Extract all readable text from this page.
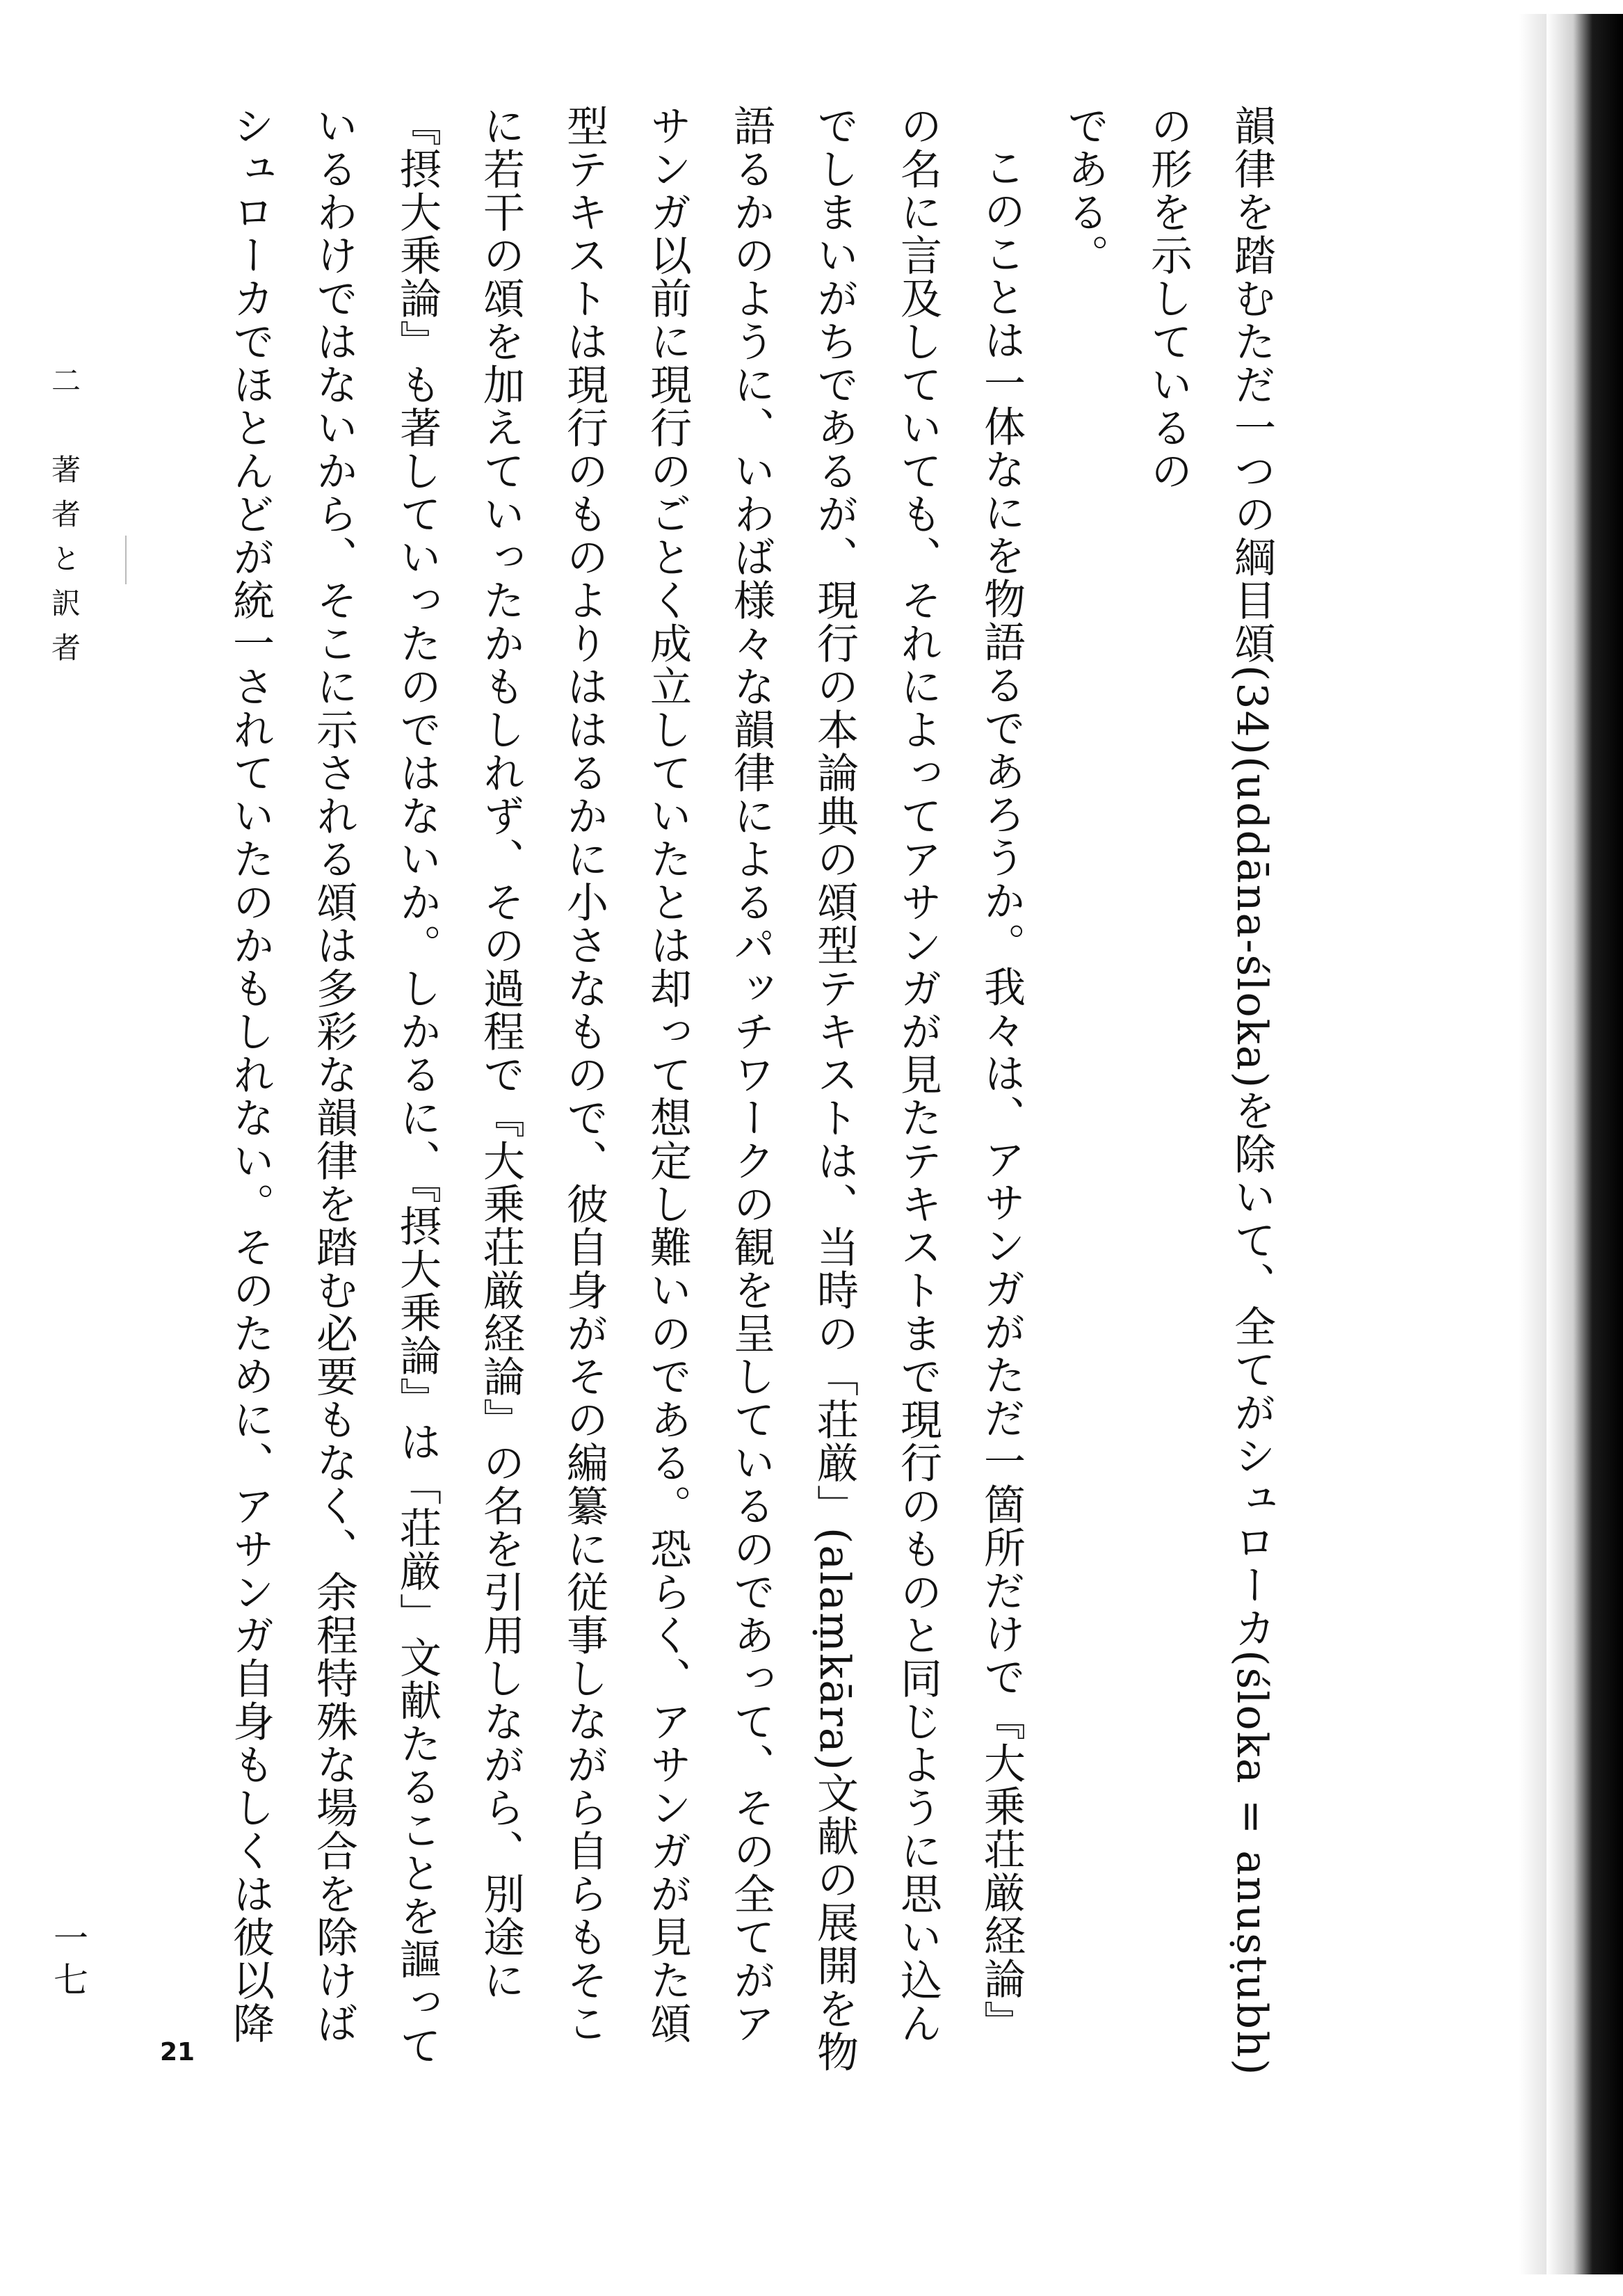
韻律を踏むただ一つの綱目頌(34)(uddāna-śloka)を除いて、全てがシュローカ(śloka = anuṣṭubh)の形を示しているの

である。

このことは一体なにを物語るであろうか。我々は、アサンガがただ一箇所だけで『大乗荘厳経論』の名に言及していても、それによってアサンガが見たテキストまで現行のものと同じように思い込んでしまいがちであるが、現行の本論典の頌型テキストは、当時の「荘厳」(alaṃkāra)文献の展開を物語るかのように、いわば様々な韻律によるパッチワークの観を呈しているのであって、その全てがアサンガ以前に現行のごとく成立していたとは却って想定し難いのである。恐らく、アサンガが見た頌型テキストは現行のものよりははるかに小さなもので、彼自身がその編纂に従事しながら自らもそこに若干の頌を加えていったかもしれず、その過程で『大乗荘厳経論』の名を引用しながら、別途に『摂大乗論』も著していったのではないか。しかるに、『摂大乗論』は「荘厳」文献たることを謳っているわけではないから、そこに示される頌は多彩な韻律を踏む必要もなく、余程特殊な場合を除けばシュローカでほとんどが統一されていたのかもしれない。そのために、アサンガ自身もしくは彼以降

二　著者と訳者
一七
21
